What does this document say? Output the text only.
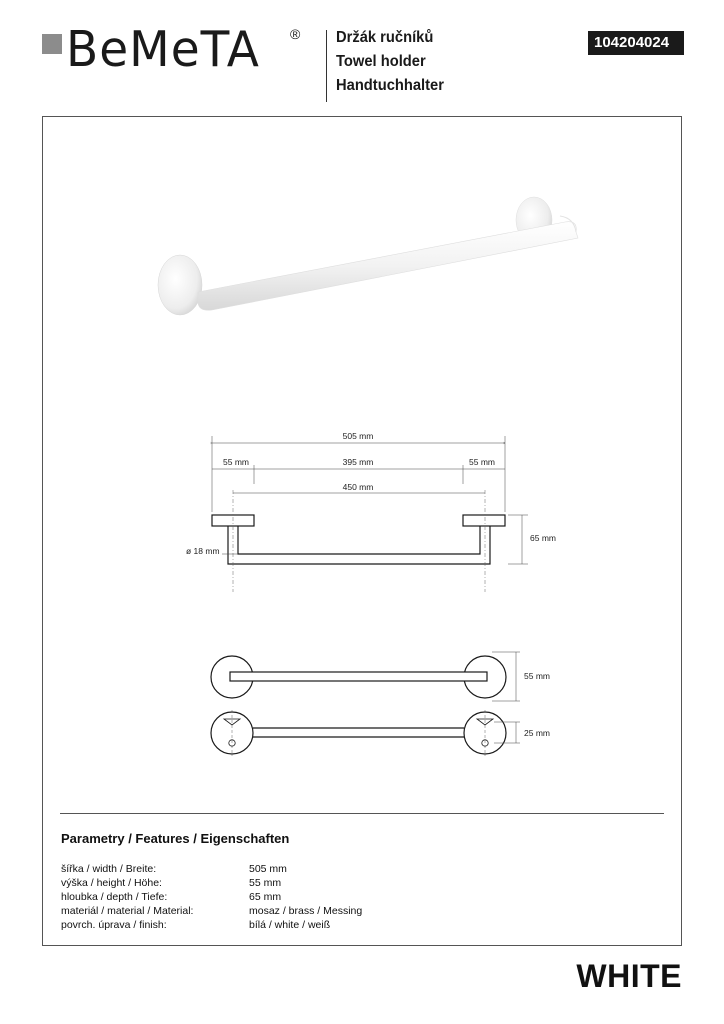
BeMeTA ® Držák ručníků
Towel holder
Handtuchhalter
104204024
505 mm
55 mm	395 mm	55 mm
450 mm
65 mm
ø 18 mm
55 mm
25 mm
Parametry / Features / Eigenschaften
šířka / width / Breite:	505 mm
výška / height / Höhe:	55 mm
hloubka / depth / Tiefe:	65 mm
materiál / material / Material:	mosaz / brass / Messing
povrch. úprava / finish:	bílá / white / weiß
WHITE
